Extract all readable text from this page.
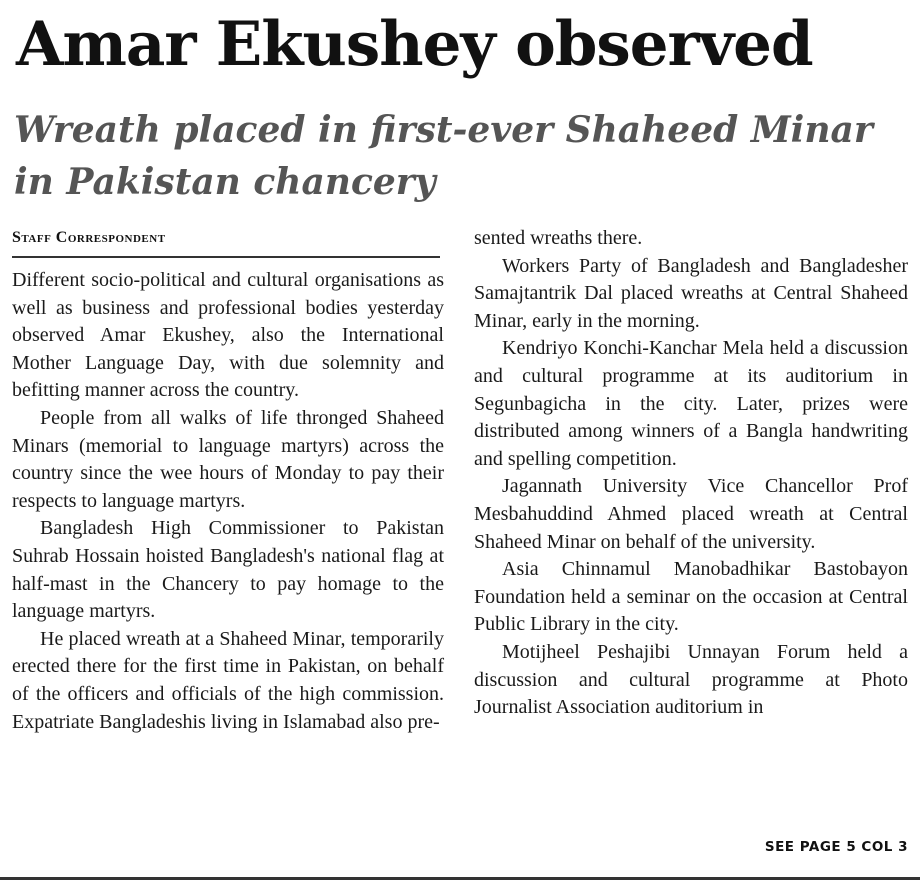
Amar Ekushey observed
Wreath placed in first-ever Shaheed Minar in Pakistan chancery
Staff Correspondent

Different socio-political and cultural organisations as well as business and professional bodies yesterday observed Amar Ekushey, also the International Mother Language Day, with due solemnity and befitting manner across the country.

People from all walks of life thronged Shaheed Minars (memorial to language martyrs) across the country since the wee hours of Monday to pay their respects to language martyrs.

Bangladesh High Commissioner to Pakistan Suhrab Hossain hoisted Bangladesh's national flag at half-mast in the Chancery to pay homage to the language martyrs.

He placed wreath at a Shaheed Minar, temporarily erected there for the first time in Pakistan, on behalf of the officers and officials of the high commission. Expatriate Bangladeshis living in Islamabad also pre-

sented wreaths there.

Workers Party of Bangladesh and Bangladesher Samajtantrik Dal placed wreaths at Central Shaheed Minar, early in the morning.

Kendriyo Konchi-Kanchar Mela held a discussion and cultural programme at its auditorium in Segunbagicha in the city. Later, prizes were distributed among winners of a Bangla handwriting and spelling competition.

Jagannath University Vice Chancellor Prof Mesbahuddind Ahmed placed wreath at Central Shaheed Minar on behalf of the university.

Asia Chinnamul Manobadhikar Bastobayon Foundation held a seminar on the occasion at Central Public Library in the city.

Motijheel Peshajibi Unnayan Forum held a discussion and cultural programme at Photo Journalist Association auditorium in

SEE PAGE 5 COL 3
